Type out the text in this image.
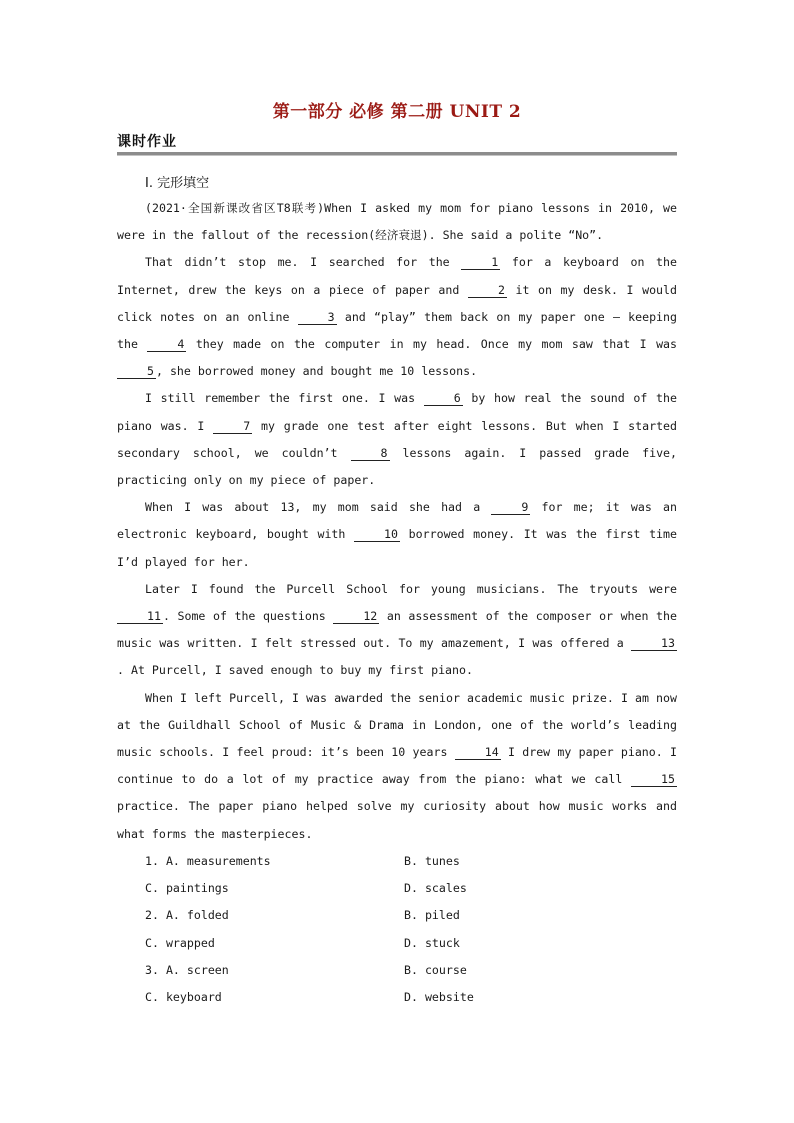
第一部分 必修 第二册 UNIT 2
课时作业
Ⅰ. 完形填空

(2021·全国新课改省区T8联考)When I asked my mom for piano lessons in 2010, we were in the fallout of the recession(经济衰退). She said a polite “No”.

That didn’t stop me. I searched for the	1 for a keyboard on the Internet, drew the keys on a piece of paper and	2 it on my desk. I would click notes on an online	3 and “play” them back on my paper one — keeping the	4 they made on the computer in my head. Once my mom saw that I was 5 , she borrowed money and bought me 10 lessons.

I still remember the first one. I was	6 by how real the sound of the piano was. I	7 my grade one test after eight lessons. But when I started secondary school, we couldn’t	8 lessons again. I passed grade five, practicing only on my piece of paper.

When I was about 13, my mom said she had a	9 for me; it was an electronic keyboard, bought with	10 borrowed money. It was the first time I’d played for her.

Later I found the Purcell School for young musicians. The tryouts were 11 . Some of the questions	12 an assessment of the composer or when the music was written. I felt stressed out. To my amazement, I was offered a	13. At Purcell, I saved enough to buy my first piano.

When I left Purcell, I was awarded the senior academic music prize. I am now at the Guildhall School of Music & Drama in London, one of the world’s leading music schools. I feel proud: it’s been 10 years	14 I drew my paper piano. I continue to do a lot of my practice away from the piano: what we call	15 practice. The paper piano helped solve my curiosity about how music works and what forms the masterpieces.

1. A. measurements	B. tunes
C. paintings	D. scales
2. A. folded	B. piled
C. wrapped	D. stuck
3. A. screen	B. course
C. keyboard	D. website
